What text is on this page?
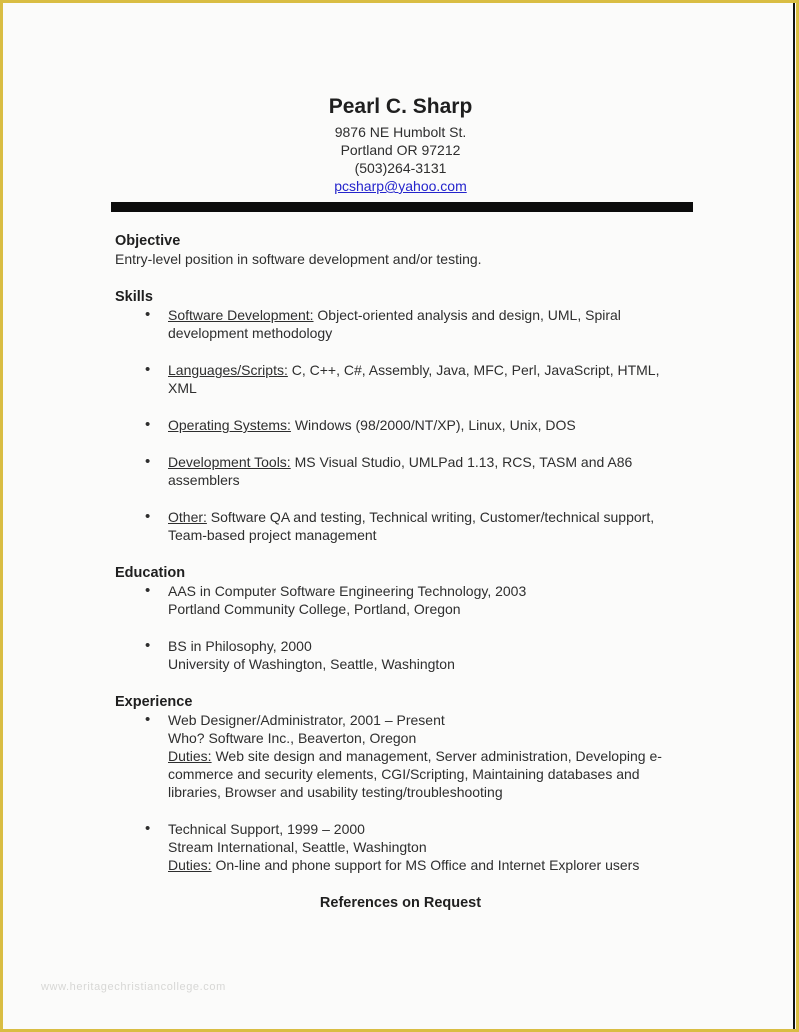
Pearl C. Sharp
9876 NE Humbolt St.
Portland OR 97212
(503)264-3131
pcsharp@yahoo.com
Objective

Entry-level position in software development and/or testing.

Skills
• Software Development: Object-oriented analysis and design, UML, Spiral development methodology
• Languages/Scripts: C, C++, C#, Assembly, Java, MFC, Perl, JavaScript, HTML, XML
• Operating Systems: Windows (98/2000/NT/XP), Linux, Unix, DOS
• Development Tools: MS Visual Studio, UMLPad 1.13, RCS, TASM and A86 assemblers
• Other: Software QA and testing, Technical writing, Customer/technical support, Team-based project management
Education
• AAS in Computer Software Engineering Technology, 2003
Portland Community College, Portland, Oregon
• BS in Philosophy, 2000
University of Washington, Seattle, Washington
Experience
• Web Designer/Administrator, 2001 – Present
Who? Software Inc., Beaverton, Oregon

Duties: Web site design and management, Server administration, Developing e-commerce and security elements, CGI/Scripting, Maintaining databases and libraries, Browser and usability testing/troubleshooting

• Technical Support, 1999 – 2000
Stream International, Seattle, Washington

Duties: On-line and phone support for MS Office and Internet Explorer users

References on Request
www.heritagechristiancollege.com
